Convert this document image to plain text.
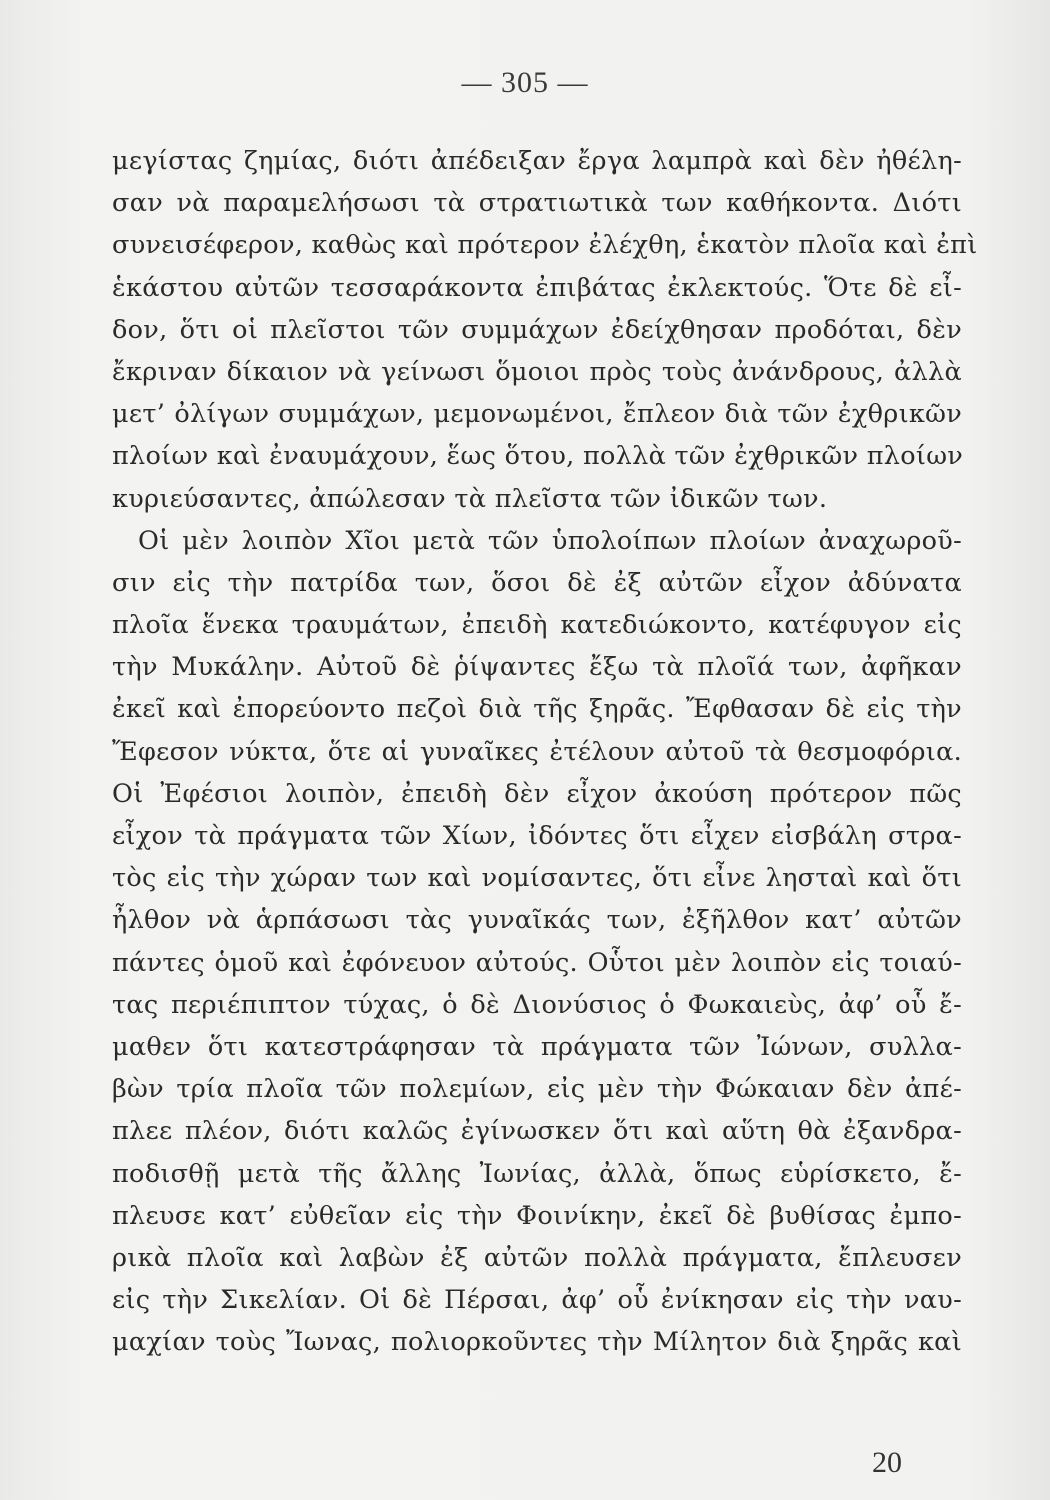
— 305 —
μεγίστας ζημίας, διότι ἀπέδειξαν ἔργα λαμπρὰ καὶ δὲν ἠθέλη-
σαν νὰ παραμελήσωσι τὰ στρατιωτικὰ των καθήκοντα. Διότι
συνεισέφερον, καθὼς καὶ πρότερον ἐλέχθη, ἑκατὸν πλοῖα καὶ ἐπὶ
ἑκάστου αὐτῶν τεσσαράκοντα ἐπιβάτας ἐκλεκτούς. Ὅτε δὲ εἶ-
δον, ὅτι οἱ πλεῖστοι τῶν συμμάχων ἐδείχθησαν προδόται, δὲν
ἔκριναν δίκαιον νὰ γείνωσι ὅμοιοι πρὸς τοὺς ἀνάνδρους, ἀλλὰ
μετ’ ὀλίγων συμμάχων, μεμονωμένοι, ἔπλεον διὰ τῶν ἐχθρικῶν
πλοίων καὶ ἐναυμάχουν, ἕως ὅτου, πολλὰ τῶν ἐχθρικῶν πλοίων
κυριεύσαντες, ἀπώλεσαν τὰ πλεῖστα τῶν ἰδικῶν των.
Οἱ μὲν λοιπὸν Χῖοι μετὰ τῶν ὑπολοίπων πλοίων ἀναχωροῦ-
σιν εἰς τὴν πατρίδα των, ὅσοι δὲ ἐξ αὐτῶν εἶχον ἀδύνατα
πλοῖα ἕνεκα τραυμάτων, ἐπειδὴ κατεδιώκοντο, κατέφυγον εἰς
τὴν Μυκάλην. Αὐτοῦ δὲ ῥίψαντες ἔξω τὰ πλοῖά των, ἀφῆκαν
ἐκεῖ καὶ ἐπορεύοντο πεζοὶ διὰ τῆς ξηρᾶς. Ἔφθασαν δὲ εἰς τὴν
Ἔφεσον νύκτα, ὅτε αἱ γυναῖκες ἐτέλουν αὐτοῦ τὰ θεσμοφόρια.
Οἱ Ἐφέσιοι λοιπὸν, ἐπειδὴ δὲν εἶχον ἀκούση πρότερον πῶς
εἶχον τὰ πράγματα τῶν Χίων, ἰδόντες ὅτι εἶχεν εἰσβάλη στρα-
τὸς εἰς τὴν χώραν των καὶ νομίσαντες, ὅτι εἶνε λησταὶ καὶ ὅτι
ἦλθον νὰ ἁρπάσωσι τὰς γυναῖκάς των, ἐξῆλθον κατ’ αὐτῶν
πάντες ὁμοῦ καὶ ἐφόνευον αὐτούς. Οὗτοι μὲν λοιπὸν εἰς τοιαύ-
τας περιέπιπτον τύχας, ὁ δὲ Διονύσιος ὁ Φωκαιεὺς, ἀφ’ οὗ ἔ-
μαθεν ὅτι κατεστράφησαν τὰ πράγματα τῶν Ἰώνων, συλλα-
βὼν τρία πλοῖα τῶν πολεμίων, εἰς μὲν τὴν Φώκαιαν δὲν ἀπέ-
πλεε πλέον, διότι καλῶς ἐγίνωσκεν ὅτι καὶ αὕτη θὰ ἐξανδρα-
ποδισθῇ μετὰ τῆς ἄλλης Ἰωνίας, ἀλλὰ, ὅπως εὑρίσκετο, ἔ-
πλευσε κατ’ εὐθεῖαν εἰς τὴν Φοινίκην, ἐκεῖ δὲ βυθίσας ἐμπο-
ρικὰ πλοῖα καὶ λαβὼν ἐξ αὐτῶν πολλὰ πράγματα, ἔπλευσεν
εἰς τὴν Σικελίαν. Οἱ δὲ Πέρσαι, ἀφ’ οὗ ἐνίκησαν εἰς τὴν ναυ-
μαχίαν τοὺς Ἴωνας, πολιορκοῦντες τὴν Μίλητον διὰ ξηρᾶς καὶ
20
